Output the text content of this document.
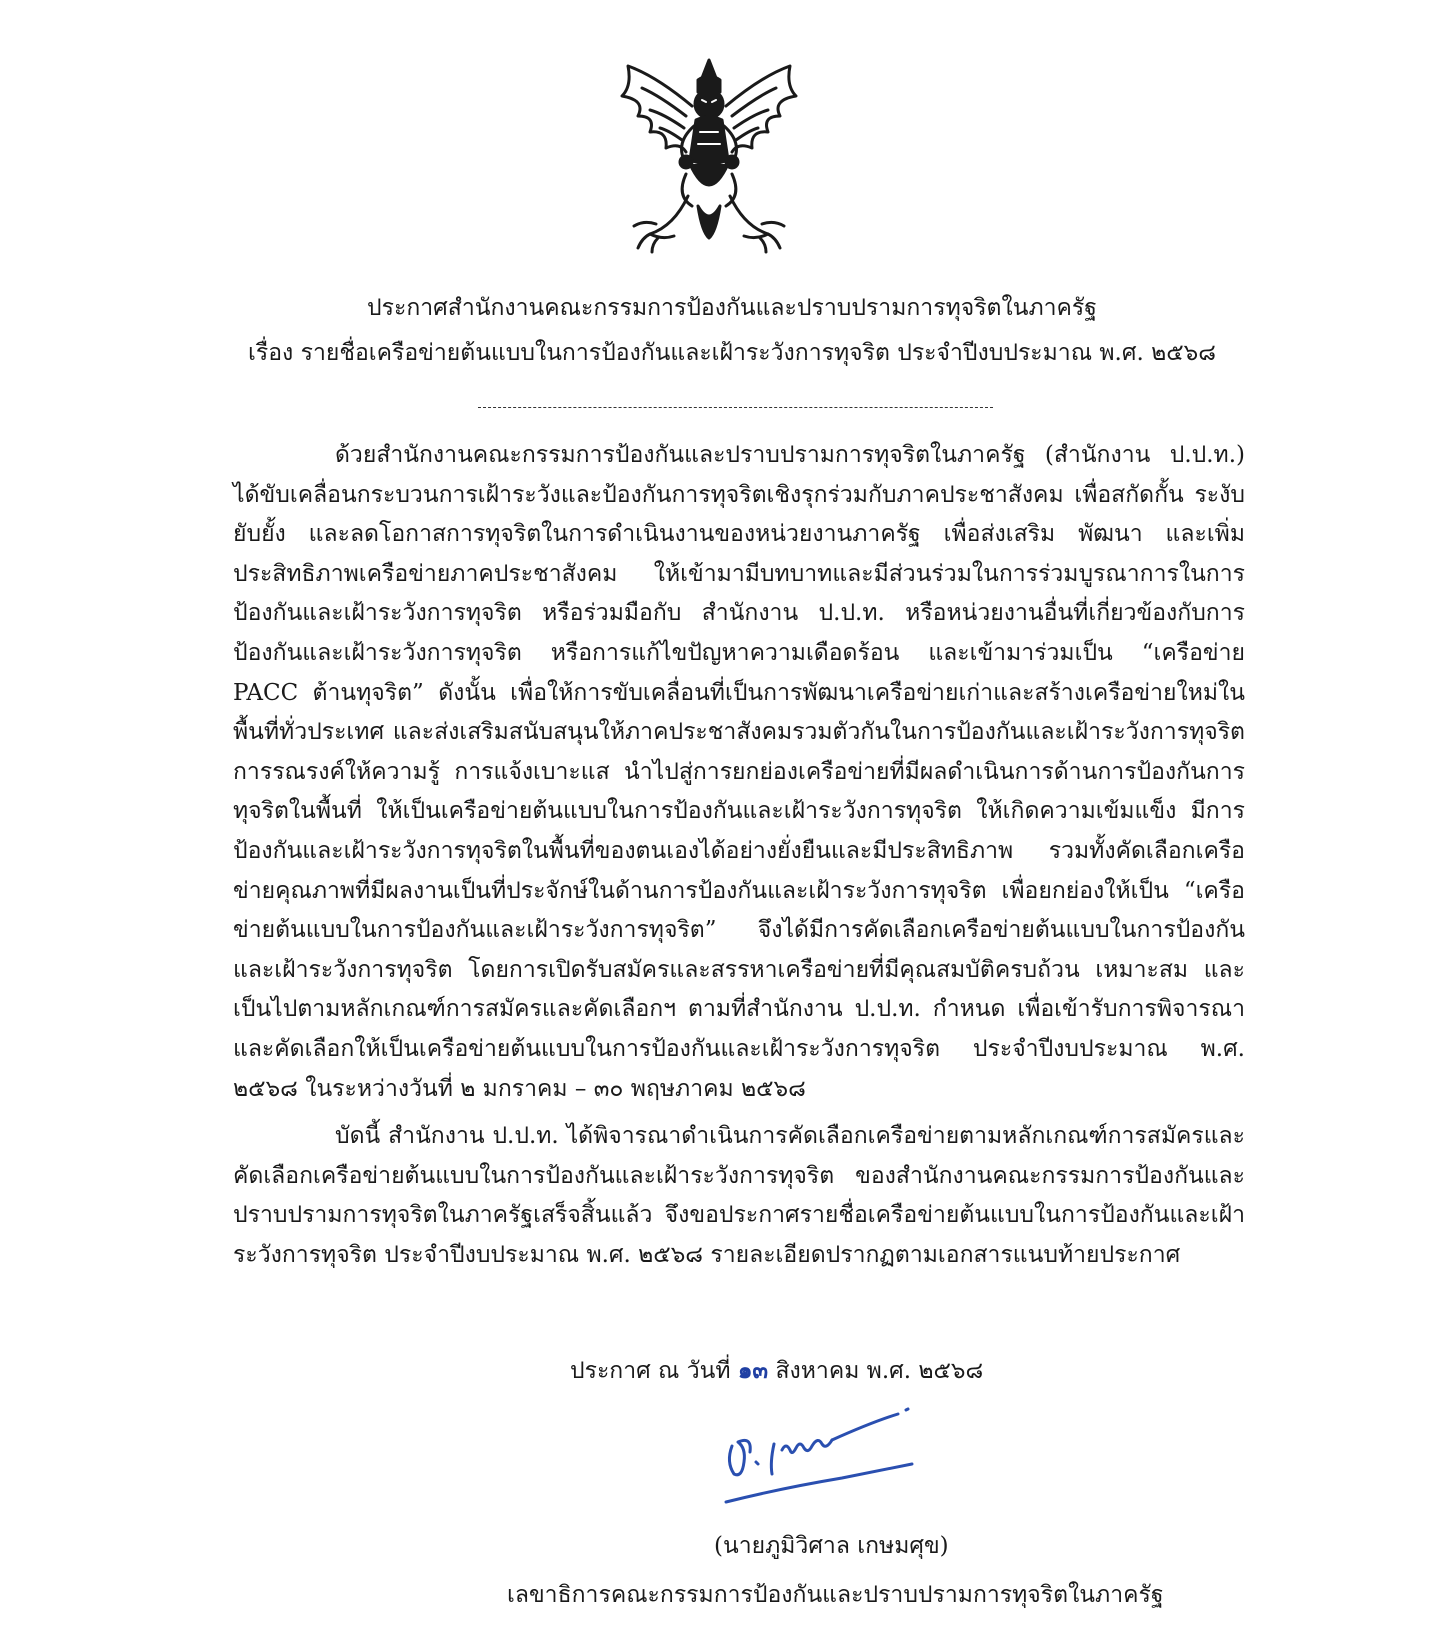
ประกาศสำนักงานคณะกรรมการป้องกันและปราบปรามการทุจริตในภาครัฐ
เรื่อง รายชื่อเครือข่ายต้นแบบในการป้องกันและเฝ้าระวังการทุจริต ประจำปีงบประมาณ พ.ศ. ๒๕๖๘

ด้วยสำนักงานคณะกรรมการป้องกันและปราบปรามการทุจริตในภาครัฐ (สำนักงาน ป.ป.ท.) ได้ขับเคลื่อนกระบวนการเฝ้าระวังและป้องกันการทุจริตเชิงรุกร่วมกับภาคประชาสังคม เพื่อสกัดกั้น ระงับยับยั้ง และลดโอกาสการทุจริตในการดำเนินงานของหน่วยงานภาครัฐ เพื่อส่งเสริม พัฒนา และเพิ่มประสิทธิภาพเครือข่ายภาคประชาสังคม ให้เข้ามามีบทบาทและมีส่วนร่วมในการร่วมบูรณาการในการป้องกันและเฝ้าระวังการทุจริต หรือร่วมมือกับ สำนักงาน ป.ป.ท. หรือหน่วยงานอื่นที่เกี่ยวข้องกับการป้องกันและเฝ้าระวังการทุจริต หรือการแก้ไขปัญหาความเดือดร้อน และเข้ามาร่วมเป็น “เครือข่าย PACC ต้านทุจริต” ดังนั้น เพื่อให้การขับเคลื่อนที่เป็นการพัฒนาเครือข่ายเก่าและสร้างเครือข่ายใหม่ในพื้นที่ทั่วประเทศ และส่งเสริมสนับสนุนให้ภาคประชาสังคมรวมตัวกันในการป้องกันและเฝ้าระวังการทุจริต การรณรงค์ให้ความรู้ การแจ้งเบาะแส นำไปสู่การยกย่องเครือข่ายที่มีผลดำเนินการด้านการป้องกันการทุจริตในพื้นที่ ให้เป็นเครือข่ายต้นแบบในการป้องกันและเฝ้าระวังการทุจริต ให้เกิดความเข้มแข็ง มีการป้องกันและเฝ้าระวังการทุจริตในพื้นที่ของตนเองได้อย่างยั่งยืนและมีประสิทธิภาพ รวมทั้งคัดเลือกเครือข่ายคุณภาพที่มีผลงานเป็นที่ประจักษ์ในด้านการป้องกันและเฝ้าระวังการทุจริต เพื่อยกย่องให้เป็น “เครือข่ายต้นแบบในการป้องกันและเฝ้าระวังการทุจริต” จึงได้มีการคัดเลือกเครือข่ายต้นแบบในการป้องกันและเฝ้าระวังการทุจริต โดยการเปิดรับสมัครและสรรหาเครือข่ายที่มีคุณสมบัติครบถ้วน เหมาะสม และเป็นไปตามหลักเกณฑ์การสมัครและคัดเลือกฯ ตามที่สำนักงาน ป.ป.ท. กำหนด เพื่อเข้ารับการพิจารณาและคัดเลือกให้เป็นเครือข่ายต้นแบบในการป้องกันและเฝ้าระวังการทุจริต ประจำปีงบประมาณ พ.ศ. ๒๕๖๘ ในระหว่างวันที่ ๒ มกราคม – ๓๐ พฤษภาคม ๒๕๖๘

บัดนี้ สำนักงาน ป.ป.ท. ได้พิจารณาดำเนินการคัดเลือกเครือข่ายตามหลักเกณฑ์การสมัครและคัดเลือกเครือข่ายต้นแบบในการป้องกันและเฝ้าระวังการทุจริต ของสำนักงานคณะกรรมการป้องกันและปราบปรามการทุจริตในภาครัฐเสร็จสิ้นแล้ว จึงขอประกาศรายชื่อเครือข่ายต้นแบบในการป้องกันและเฝ้าระวังการทุจริต ประจำปีงบประมาณ พ.ศ. ๒๕๖๘ รายละเอียดปรากฏตามเอกสารแนบท้ายประกาศ

ประกาศ ณ วันที่ ๑๓ สิงหาคม พ.ศ. ๒๕๖๘
(นายภูมิวิศาล เกษมศุข)
เลขาธิการคณะกรรมการป้องกันและปราบปรามการทุจริตในภาครัฐ
